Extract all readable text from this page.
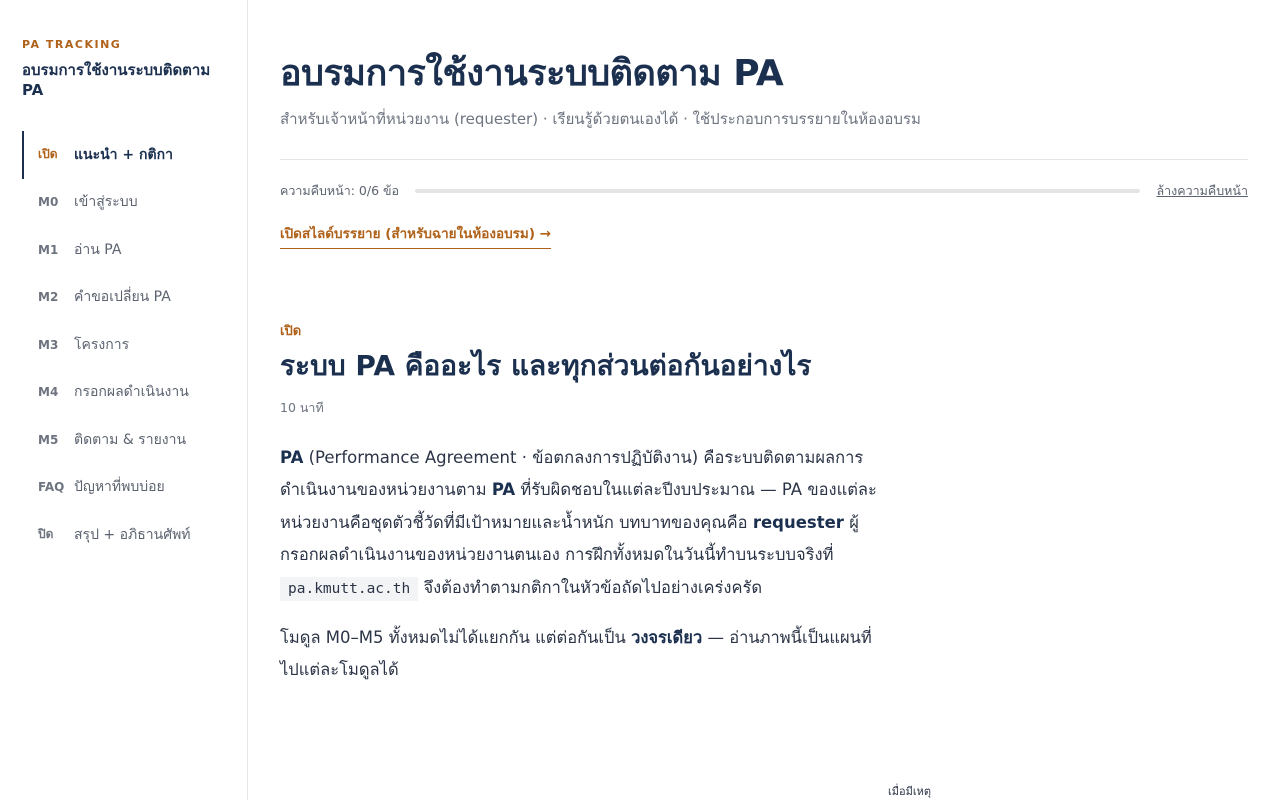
PA TRACKING
อบรมการใช้งานระบบติดตาม PA
เปิด	แนะนำ + กติกา
M0	เข้าสู่ระบบ
M1	อ่าน PA
M2	คำขอเปลี่ยน PA
M3	โครงการ
M4	กรอกผลดำเนินงาน
M5	ติดตาม & รายงาน
FAQ ปัญหาที่พบบ่อย
ปิด	สรุป + อภิธานศัพท์
อบรมการใช้งานระบบติดตาม PA
สำหรับเจ้าหน้าที่หน่วยงาน (requester) · เรียนรู้ด้วยตนเองได้ · ใช้ประกอบการบรรยายในห้องอบรม
ความคืบหน้า: 0/6 ข้อ	ล้างความคืบหน้า
เปิดสไลด์บรรยาย (สำหรับฉายในห้องอบรม) →
เปิด
ระบบ PA คืออะไร และทุกส่วนต่อกันอย่างไร
10 นาที

PA (Performance Agreement · ข้อตกลงการปฏิบัติงาน) คือระบบติดตามผลการดำเนินงานของหน่วยงานตาม PA ที่รับผิดชอบในแต่ละปีงบประมาณ — PA ของแต่ละหน่วยงานคือชุดตัวชี้วัดที่มีเป้าหมายและน้ำหนัก บทบาทของคุณคือ requester ผู้กรอกผลดำเนินงานของหน่วยงานตนเอง การฝึกทั้งหมดในวันนี้ทำบนระบบจริงที่ pa.kmutt.ac.th จึงต้องทำตามกติกาในหัวข้อถัดไปอย่างเคร่งครัด

โมดูล M0–M5 ทั้งหมดไม่ได้แยกกัน แต่ต่อกันเป็น วงจรเดียว — อ่านภาพนี้เป็นแผนที่ไปแต่ละโมดูลได้

เมื่อมีเหตุ
